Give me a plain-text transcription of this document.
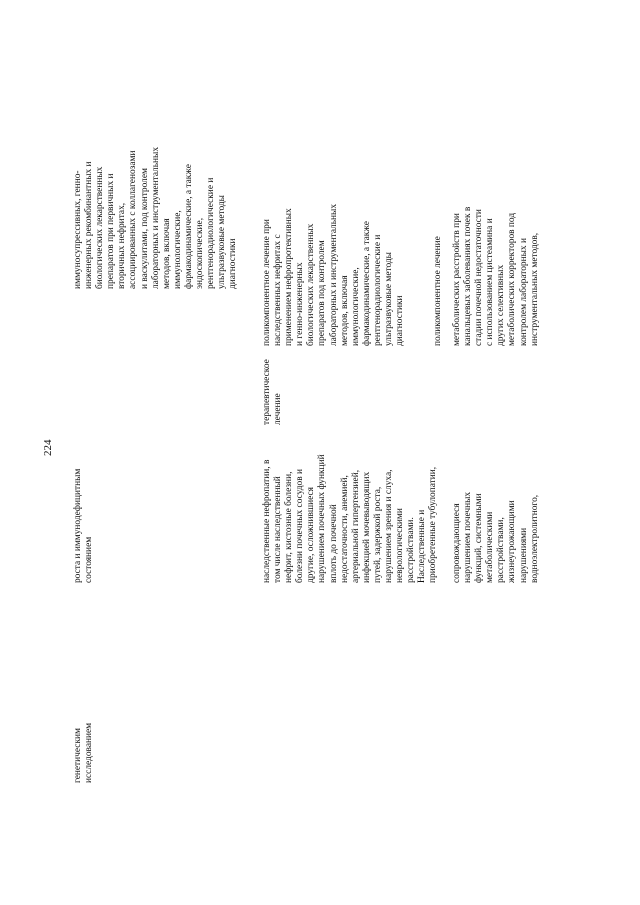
224
генетическим
исследованием
роста и иммунодефицитным
состоянием
иммуносупрессивных, генно-
инженерных рекомбинантных и
биологических лекарственных
препаратов при первичных и
вторичных нефритах,
ассоциированных с коллагенозами
и васкулитами, под контролем
лабораторных и инструментальных
методов, включая
иммунологические,
фармакодинамические, а также
эндоскопические,
рентгенорадиологические и
ультразвуковые методы
диагностики
наследственные нефропатии, в
том числе наследственный
нефрит, кистозные болезни,
болезни почечных сосудов и
другие, осложнившиеся
нарушением почечных функций
вплоть до почечной
недостаточности, анемией,
артериальной гипертензией,
инфекцией мочевыводящих
путей, задержкой роста,
нарушением зрения и слуха,
неврологическими
расстройствами.
Наследственные и
приобретенные тубулопатии,
терапевтическое
лечение
поликомпонентное лечение при
наследственных нефритах с
применением нефропротективных
и генно-инженерных
биологических лекарственных
препаратов под контролем
лабораторных и инструментальных
методов, включая
иммунологические,
фармакодинамические, а также
рентгенорадиологические и
ультразвуковые методы
диагностики	поликомпонентное лечение
сопровождающиеся
нарушением почечных
функций, системными
метаболическими
расстройствами,
жизнеугрожающими
нарушениями
водноэлектролитного,
метаболических расстройств при
канальцевых заболеваниях почек в
стадии почечной недостаточности
с использованием цистеамина и
других селективных
метаболических корректоров под
контролем лабораторных и
инструментальных методов,
